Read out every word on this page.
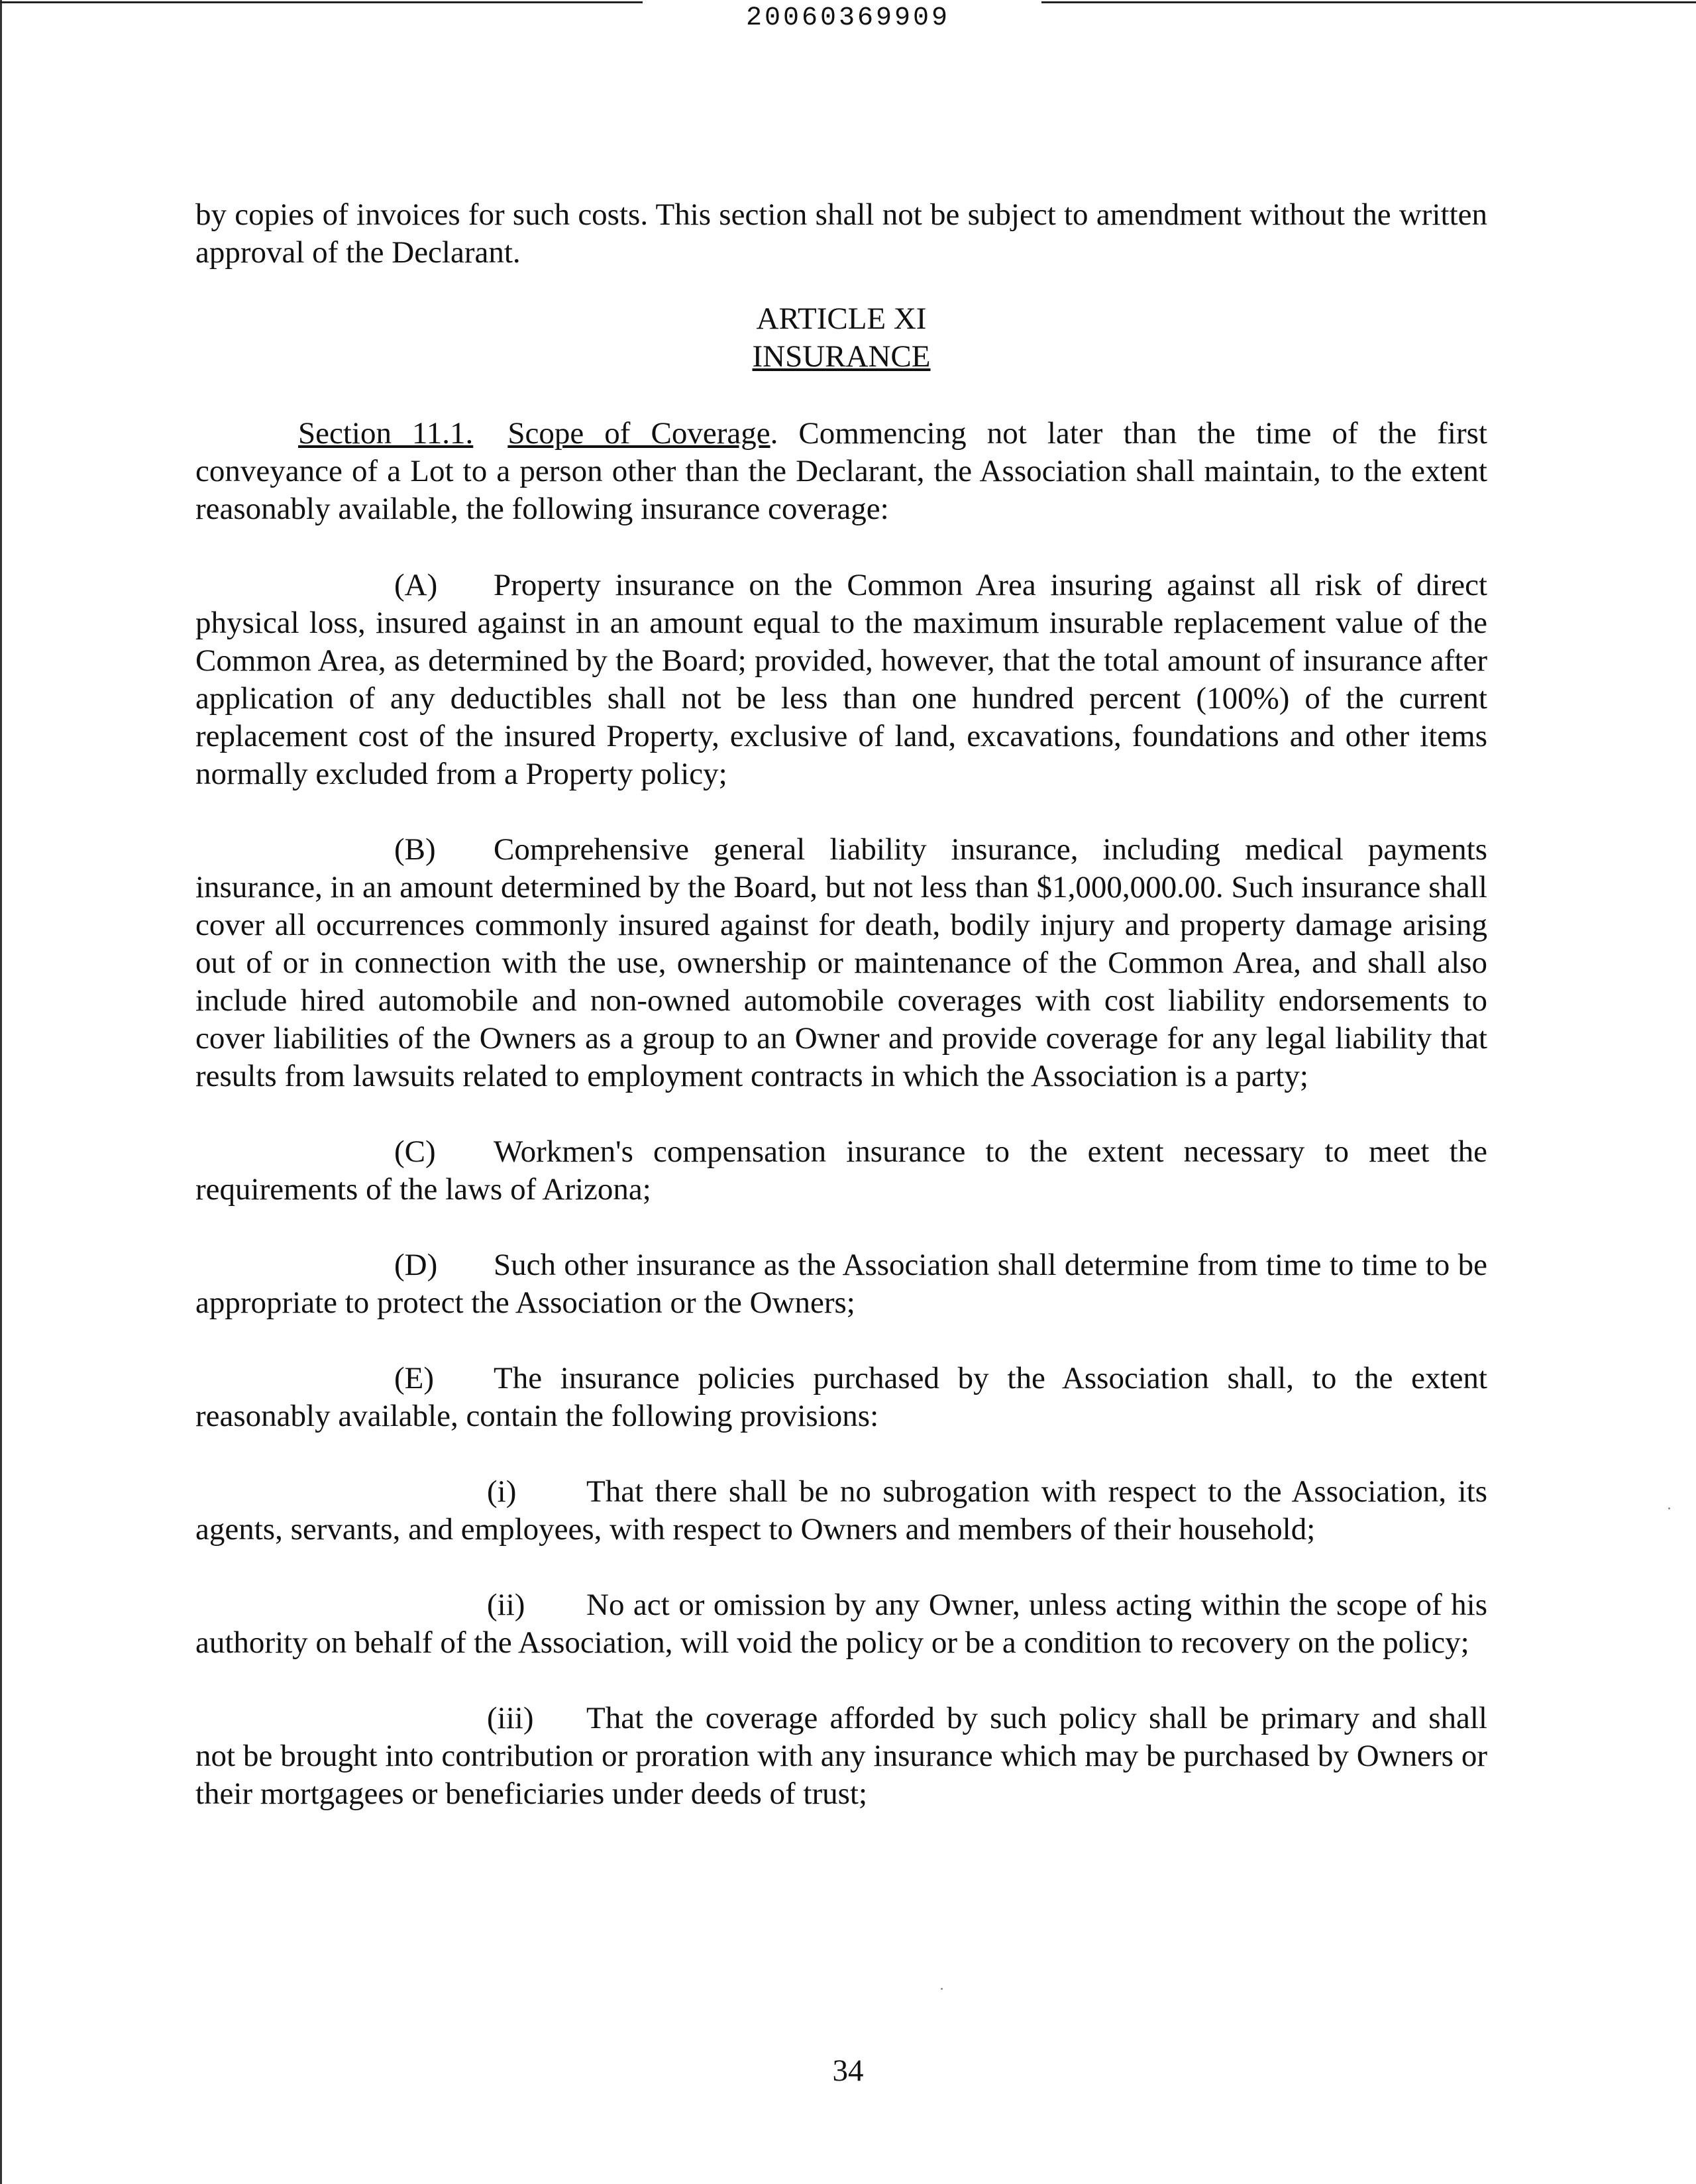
20060369909

by copies of invoices for such costs. This section shall not be subject to amendment without the written approval of the Declarant.

ARTICLE XI

INSURANCE

Section 11.1. Scope of Coverage. Commencing not later than the time of the first conveyance of a Lot to a person other than the Declarant, the Association shall maintain, to the extent reasonably available, the following insurance coverage:

(A) Property insurance on the Common Area insuring against all risk of direct physical loss, insured against in an amount equal to the maximum insurable replacement value of the Common Area, as determined by the Board; provided, however, that the total amount of insurance after application of any deductibles shall not be less than one hundred percent (100%) of the current replacement cost of the insured Property, exclusive of land, excavations, foundations and other items normally excluded from a Property policy;

(B) Comprehensive general liability insurance, including medical payments insurance, in an amount determined by the Board, but not less than $1,000,000.00. Such insurance shall cover all occurrences commonly insured against for death, bodily injury and property damage arising out of or in connection with the use, ownership or maintenance of the Common Area, and shall also include hired automobile and non-owned automobile coverages with cost liability endorsements to cover liabilities of the Owners as a group to an Owner and provide coverage for any legal liability that results from lawsuits related to employment contracts in which the Association is a party;

(C) Workmen's compensation insurance to the extent necessary to meet the requirements of the laws of Arizona;

(D) Such other insurance as the Association shall determine from time to time to be appropriate to protect the Association or the Owners;

(E) The insurance policies purchased by the Association shall, to the extent reasonably available, contain the following provisions:

(i) That there shall be no subrogation with respect to the Association, its agents, servants, and employees, with respect to Owners and members of their household;

(ii) No act or omission by any Owner, unless acting within the scope of his authority on behalf of the Association, will void the policy or be a condition to recovery on the policy;

(iii) That the coverage afforded by such policy shall be primary and shall not be brought into contribution or proration with any insurance which may be purchased by Owners or their mortgagees or beneficiaries under deeds of trust;

34
